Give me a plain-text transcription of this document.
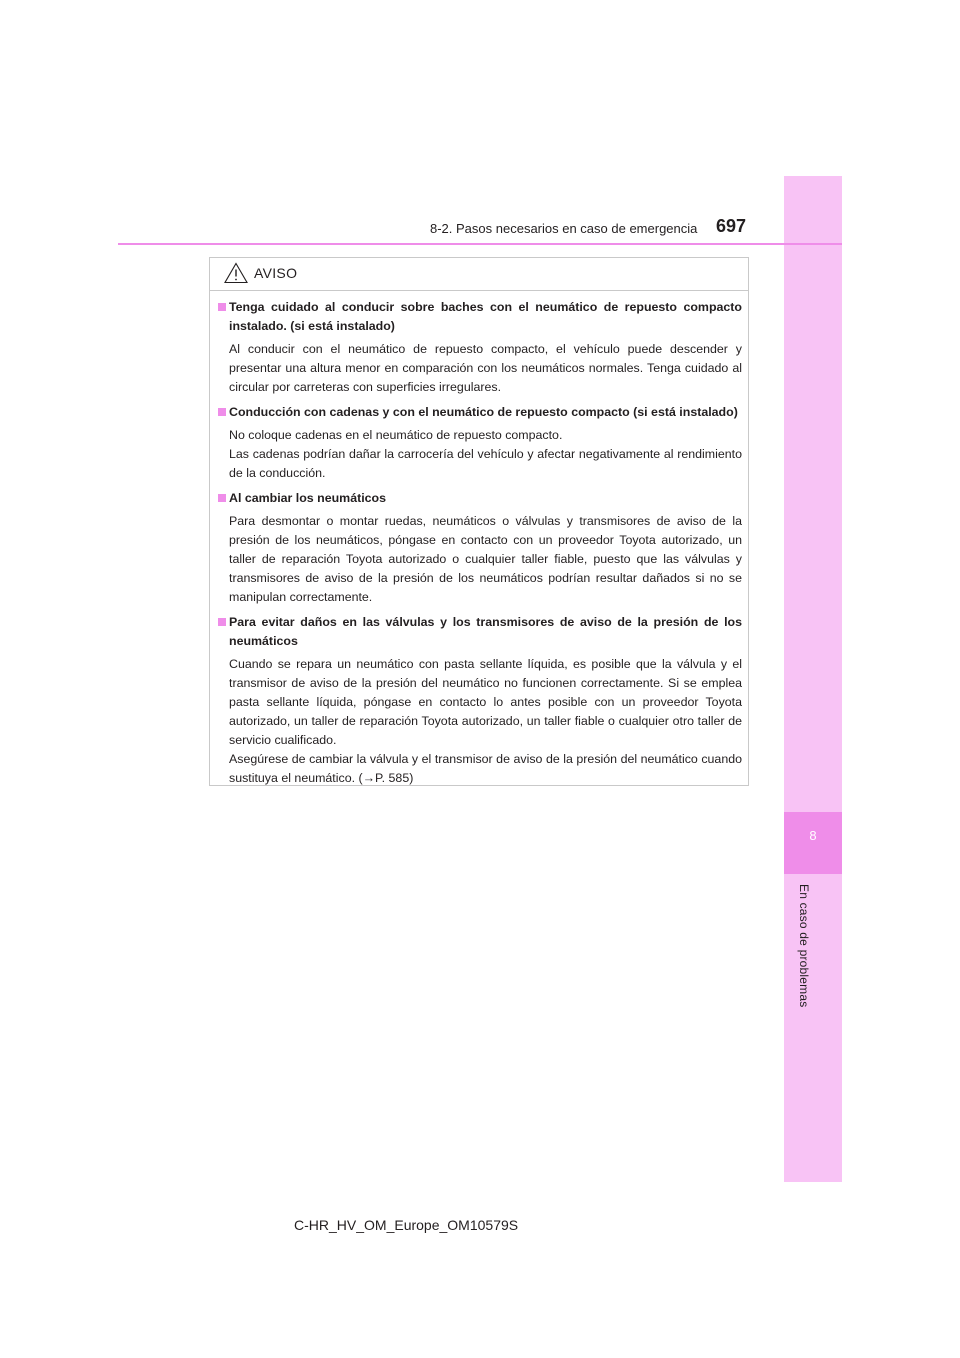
8
En caso de problemas
8-2. Pasos necesarios en caso de emergencia 697
AVISO
Tenga cuidado al conducir sobre baches con el neumático de repuesto compacto instalado. (si está instalado)
Al conducir con el neumático de repuesto compacto, el vehículo puede descender y presentar una altura menor en comparación con los neumáticos normales. Tenga cuidado al circular por carreteras con superficies irregulares.
Conducción con cadenas y con el neumático de repuesto compacto (si está instalado)
No coloque cadenas en el neumático de repuesto compacto.
Las cadenas podrían dañar la carrocería del vehículo y afectar negativamente al rendimiento de la conducción.
Al cambiar los neumáticos
Para desmontar o montar ruedas, neumáticos o válvulas y transmisores de aviso de la presión de los neumáticos, póngase en contacto con un proveedor Toyota autorizado, un taller de reparación Toyota autorizado o cualquier taller fiable, puesto que las válvulas y transmisores de aviso de la presión de los neumáticos podrían resultar dañados si no se manipulan correctamente.
Para evitar daños en las válvulas y los transmisores de aviso de la presión de los neumáticos
Cuando se repara un neumático con pasta sellante líquida, es posible que la válvula y el transmisor de aviso de la presión del neumático no funcionen correctamente. Si se emplea pasta sellante líquida, póngase en contacto lo antes posible con un proveedor Toyota autorizado, un taller de reparación Toyota autorizado, un taller fiable o cualquier otro taller de servicio cualificado.
Asegúrese de cambiar la válvula y el transmisor de aviso de la presión del neumático cuando sustituya el neumático. (→P. 585)
C-HR_HV_OM_Europe_OM10579S
